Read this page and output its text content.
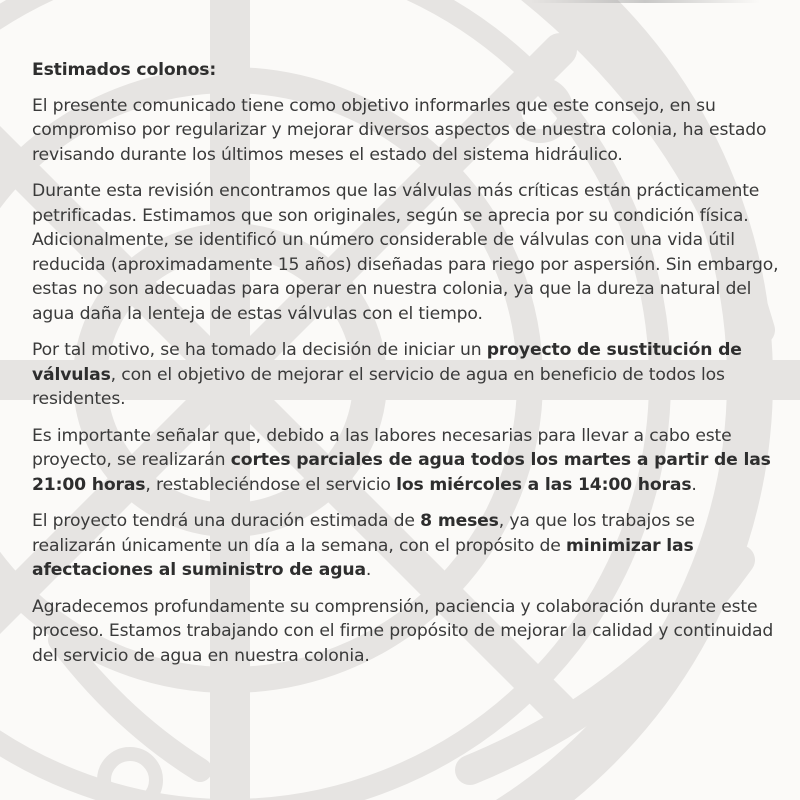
Estimados colonos:

El presente comunicado tiene como objetivo informarles que este consejo, en su compromiso por regularizar y mejorar diversos aspectos de nuestra colonia, ha estado revisando durante los últimos meses el estado del sistema hidráulico.

Durante esta revisión encontramos que las válvulas más críticas están prácticamente petrificadas. Estimamos que son originales, según se aprecia por su condición física.
Adicionalmente, se identificó un número considerable de válvulas con una vida útil reducida (aproximadamente 15 años) diseñadas para riego por aspersión. Sin embargo, estas no son adecuadas para operar en nuestra colonia, ya que la dureza natural del agua daña la lenteja de estas válvulas con el tiempo.

Por tal motivo, se ha tomado la decisión de iniciar un proyecto de sustitución de válvulas, con el objetivo de mejorar el servicio de agua en beneficio de todos los residentes.

Es importante señalar que, debido a las labores necesarias para llevar a cabo este proyecto, se realizarán cortes parciales de agua todos los martes a partir de las 21:00 horas, restableciéndose el servicio los miércoles a las 14:00 horas.

El proyecto tendrá una duración estimada de 8 meses, ya que los trabajos se realizarán únicamente un día a la semana, con el propósito de minimizar las afectaciones al suministro de agua.

Agradecemos profundamente su comprensión, paciencia y colaboración durante este proceso. Estamos trabajando con el firme propósito de mejorar la calidad y continuidad del servicio de agua en nuestra colonia.
